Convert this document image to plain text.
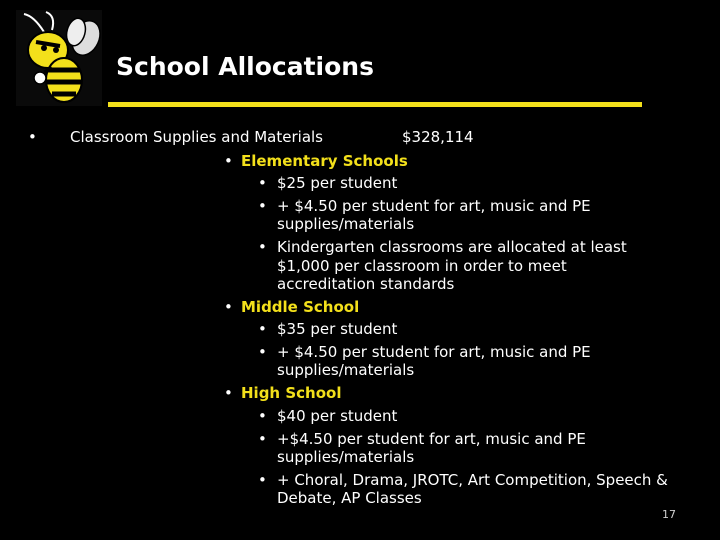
School Allocations
• Classroom Supplies and Materials	$328,114
• Elementary Schools
• $25 per student
• + $4.50 per student for art, music and PE
supplies/materials
• Kindergarten classrooms are allocated at least
$1,000 per classroom in order to meet
accreditation standards
• Middle School
• $35 per student
• + $4.50 per student for art, music and PE
supplies/materials
• High School
• $40 per student
• +$4.50 per student for art, music and PE
supplies/materials
• + Choral, Drama, JROTC, Art Competition, Speech &
Debate, AP Classes
17
